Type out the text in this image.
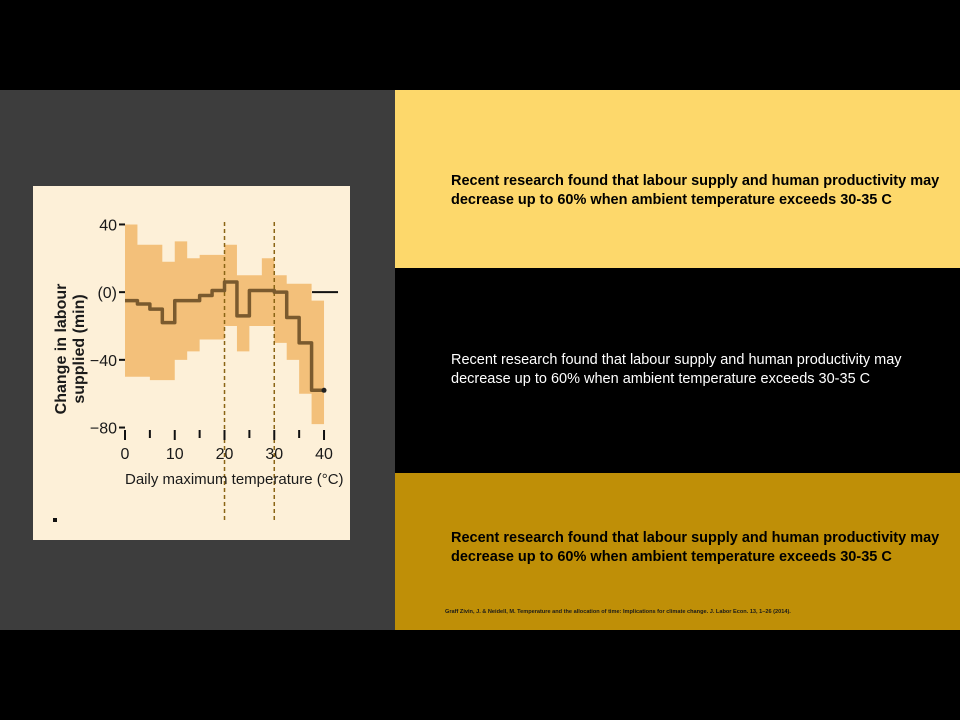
40
(0)
−40
−80
0 10 20 30 40
Change in labour supplied (min)
Daily maximum temperature (°C)
Recent research found that labour supply and human productivity may decrease up to 60% when ambient temperature exceeds 30-35 C
Recent research found that labour supply and human productivity may decrease up to 60% when ambient temperature exceeds 30-35 C
Recent research found that labour supply and human productivity may decrease up to 60% when ambient temperature exceeds 30-35 C
Graff Zivin, J. & Neidell, M. Temperature and the allocation of time: Implications for climate change. J. Labor Econ. 13, 1–26 (2014).
